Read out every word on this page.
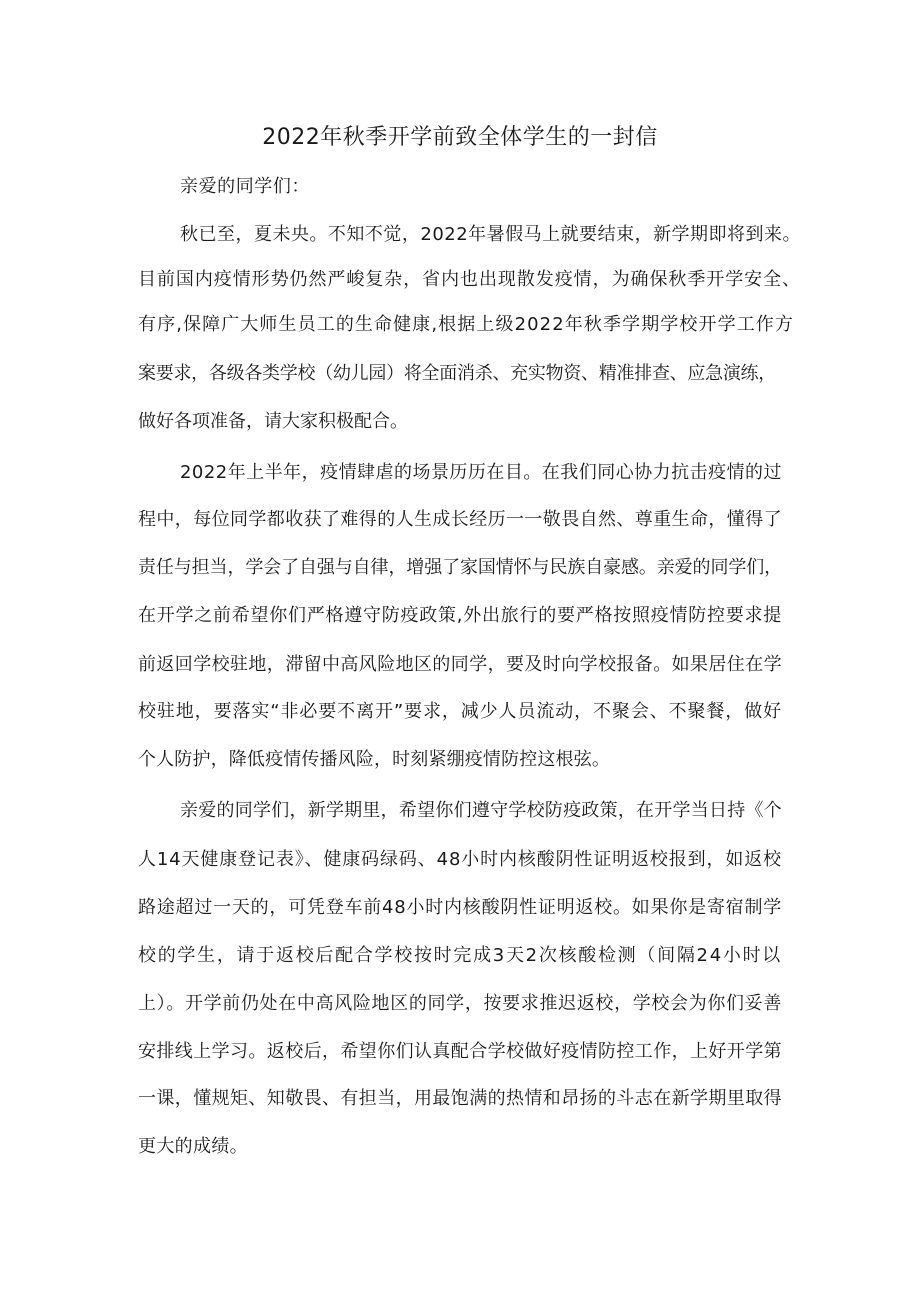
2022年秋季开学前致全体学生的一封信
亲爱的同学们：
秋已至，夏未央。不知不觉，2022年暑假马上就要结束，新学期即将到来。
目前国内疫情形势仍然严峻复杂，省内也出现散发疫情，为确保秋季开学安全、
有序,保障广大师生员工的生命健康,根据上级2022年秋季学期学校开学工作方
案要求，各级各类学校（幼儿园）将全面消杀、充实物资、精准排查、应急演练，
做好各项准备，请大家积极配合。
2022年上半年，疫情肆虐的场景历历在目。在我们同心协力抗击疫情的过
程中，每位同学都收获了难得的人生成长经历一一敬畏自然、尊重生命，懂得了
责任与担当，学会了自强与自律，增强了家国情怀与民族自豪感。亲爱的同学们，
在开学之前希望你们严格遵守防疫政策,外出旅行的要严格按照疫情防控要求提
前返回学校驻地，滞留中高风险地区的同学，要及时向学校报备。如果居住在学
校驻地，要落实“非必要不离开”要求，减少人员流动，不聚会、不聚餐，做好
个人防护，降低疫情传播风险，时刻紧绷疫情防控这根弦。
亲爱的同学们，新学期里，希望你们遵守学校防疫政策，在开学当日持《个
人14天健康登记表》、健康码绿码、48小时内核酸阴性证明返校报到，如返校
路途超过一天的，可凭登车前48小时内核酸阴性证明返校。如果你是寄宿制学
校的学生，请于返校后配合学校按时完成3天2次核酸检测（间隔24小时以
上）。开学前仍处在中高风险地区的同学，按要求推迟返校，学校会为你们妥善
安排线上学习。返校后，希望你们认真配合学校做好疫情防控工作，上好开学第
一课，懂规矩、知敬畏、有担当，用最饱满的热情和昂扬的斗志在新学期里取得
更大的成绩。
